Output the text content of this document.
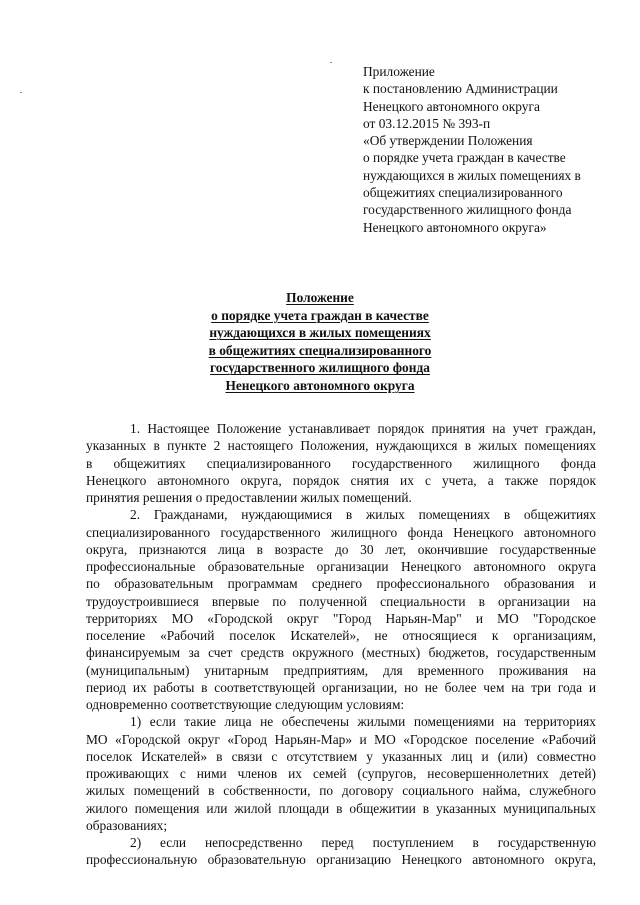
Приложение
к постановлению Администрации
Ненецкого автономного округа
от 03.12.2015 № 393-п
«Об утверждении Положения
о порядке учета граждан в качестве
нуждающихся в жилых помещениях в
общежитиях специализированного
государственного жилищного фонда
Ненецкого автономного округа»
Положение
о порядке учета граждан в качестве
нуждающихся в жилых помещениях
в общежитиях специализированного
государственного жилищного фонда
Ненецкого автономного округа
1. Настоящее Положение устанавливает порядок принятия на учет граждан,
указанных в пункте 2 настоящего Положения, нуждающихся в жилых помещениях
в общежитиях специализированного государственного жилищного фонда
Ненецкого автономного округа, порядок снятия их с учета, а также порядок
принятия решения о предоставлении жилых помещений.
2. Гражданами, нуждающимися в жилых помещениях в общежитиях
специализированного государственного жилищного фонда Ненецкого автономного
округа, признаются лица в возрасте до 30 лет, окончившие государственные
профессиональные образовательные организации Ненецкого автономного округа
по образовательным программам среднего профессионального образования и
трудоустроившиеся впервые по полученной специальности в организации на
территориях МО «Городской округ "Город Нарьян-Мар" и МО "Городское
поселение «Рабочий поселок Искателей», не относящиеся к организациям,
финансируемым за счет средств окружного (местных) бюджетов, государственным
(муниципальным) унитарным предприятиям, для временного проживания на
период их работы в соответствующей организации, но не более чем на три года и
одновременно соответствующие следующим условиям:
1) если такие лица не обеспечены жилыми помещениями на территориях
МО «Городской округ «Город Нарьян-Мар» и МО «Городское поселение «Рабочий
поселок Искателей» в связи с отсутствием у указанных лиц и (или) совместно
проживающих с ними членов их семей (супругов, несовершеннолетних детей)
жилых помещений в собственности, по договору социального найма, служебного
жилого помещения или жилой площади в общежитии в указанных муниципальных
образованиях;
2) если непосредственно перед поступлением в государственную
профессиональную образовательную организацию Ненецкого автономного округа,
